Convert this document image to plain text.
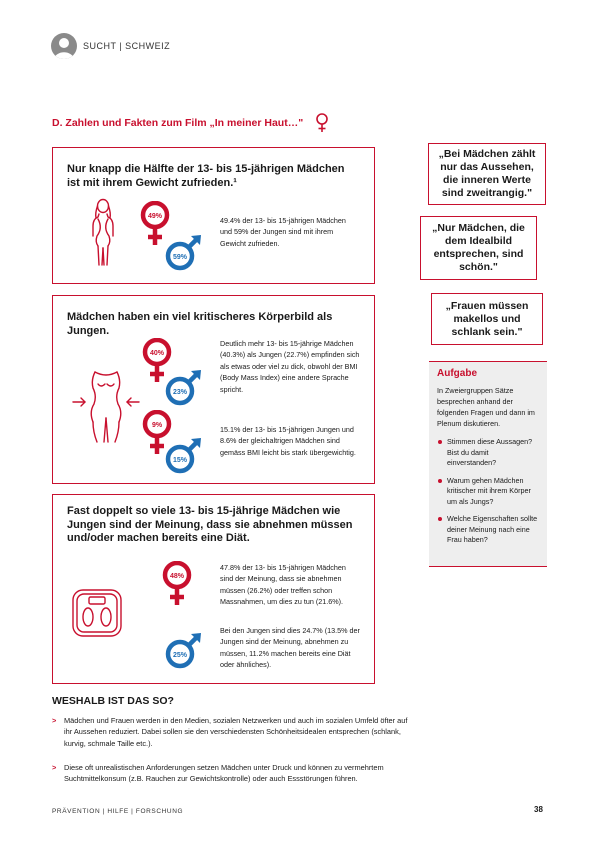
SUCHT | SCHWEIZ
D. Zahlen und Fakten zum Film „In meiner Haut…"
Nur knapp die Hälfte der 13- bis 15-jährigen Mädchen ist mit ihrem Gewicht zufrieden.¹
49%
59%
49.4% der 13- bis 15-jährigen Mädchen und 59% der Jungen sind mit ihrem Gewicht zufrieden.
Mädchen haben ein viel kritischeres Körperbild als Jungen.
40%
23%
Deutlich mehr 13- bis 15-jährige Mädchen (40.3%) als Jungen (22.7%) empfinden sich als etwas oder viel zu dick, obwohl der BMI (Body Mass Index) eine andere Sprache spricht.
9%
15%
15.1% der 13- bis 15-jährigen Jungen und 8.6% der gleichaltrigen Mädchen sind gemäss BMI leicht bis stark übergewichtig.
Fast doppelt so viele 13- bis 15-jährige Mädchen wie Jungen sind der Meinung, dass sie abnehmen müssen und/oder machen bereits eine Diät.
48%
47.8% der 13- bis 15-jährigen Mädchen sind der Meinung, dass sie abnehmen müssen (26.2%) oder treffen schon Massnahmen, um dies zu tun (21.6%).
25%
Bei den Jungen sind dies 24.7% (13.5% der Jungen sind der Meinung, abnehmen zu müssen, 11.2% machen bereits eine Diät oder ähnliches).
„Bei Mädchen zählt nur das Aussehen, die inneren Werte sind zweitrangig."
„Nur Mädchen, die dem Idealbild entsprechen, sind schön."
„Frauen müssen makellos und schlank sein."
Aufgabe
In Zweiergruppen Sätze besprechen anhand der folgenden Fragen und dann im Plenum diskutieren.
Stimmen diese Aussagen? Bist du damit einverstanden?
Warum gehen Mädchen kritischer mit ihrem Körper um als Jungs?
Welche Eigenschaften sollte deiner Meinung nach eine Frau haben?
WESHALB IST DAS SO?
> Mädchen und Frauen werden in den Medien, sozialen Netzwerken und auch im sozialen Umfeld öfter auf ihr Aussehen reduziert. Dabei sollen sie den verschiedensten Schönheitsidealen entsprechen (schlank, kurvig, schmale Taille etc.).
> Diese oft unrealistischen Anforderungen setzen Mädchen unter Druck und können zu vermehrtem Suchtmittelkonsum (z.B. Rauchen zur Gewichtskontrolle) oder auch Essstörungen führen.
PRÄVENTION | HILFE | FORSCHUNG	38
